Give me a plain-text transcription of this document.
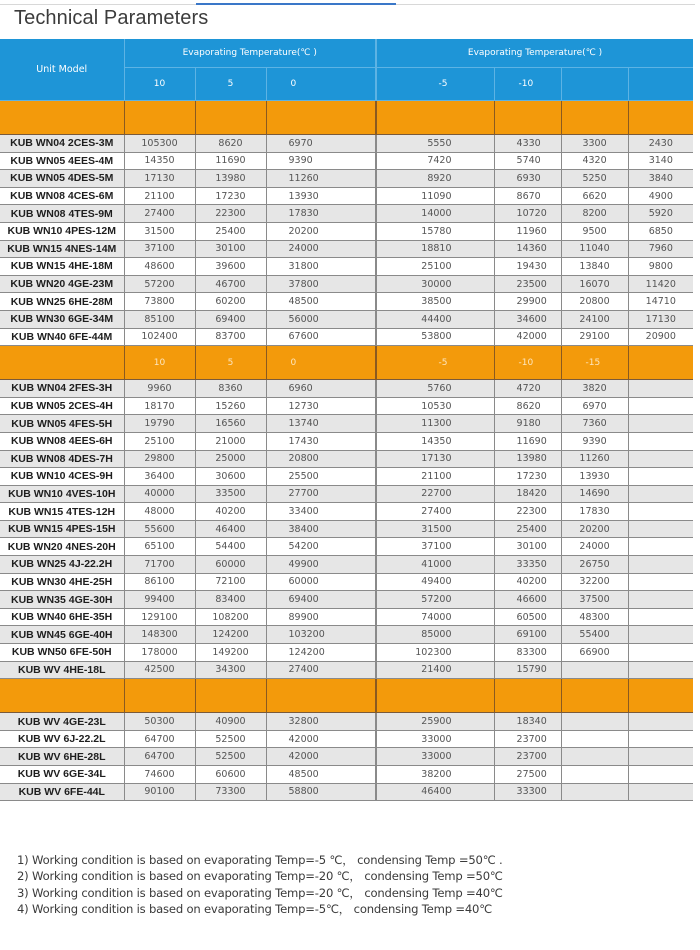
Technical Parameters
Unit Model	Evaporating Temperature(℃ )			Evaporating Temperature(℃ )			
	10	5	0	-5	-10		

KUB WN04 2CES-3M	105300	8620	6970	5550	4330	3300	2430
KUB WN05 4EES-4M	14350	11690	9390	7420	5740	4320	3140
KUB WN05 4DES-5M	17130	13980	11260	8920	6930	5250	3840
KUB WN08 4CES-6M	21100	17230	13930	11090	8670	6620	4900
KUB WN08 4TES-9M	27400	22300	17830	14000	10720	8200	5920
KUB WN10 4PES-12M	31500	25400	20200	15780	11960	9500	6850
KUB WN15 4NES-14M	37100	30100	24000	18810	14360	11040	7960
KUB WN15 4HE-18M	48600	39600	31800	25100	19430	13840	9800
KUB WN20 4GE-23M	57200	46700	37800	30000	23500	16070	11420
KUB WN25 6HE-28M	73800	60200	48500	38500	29900	20800	14710
KUB WN30 6GE-34M	85100	69400	56000	44400	34600	24100	17130
KUB WN40 6FE-44M	102400	83700	67600	53800	42000	29100	20900
	10	5	0	-5	-10	-15	
KUB WN04 2FES-3H	9960	8360	6960	5760	4720	3820	
KUB WN05 2CES-4H	18170	15260	12730	10530	8620	6970	
KUB WN05 4FES-5H	19790	16560	13740	11300	9180	7360	
KUB WN08 4EES-6H	25100	21000	17430	14350	11690	9390	
KUB WN08 4DES-7H	29800	25000	20800	17130	13980	11260	
KUB WN10 4CES-9H	36400	30600	25500	21100	17230	13930	
KUB WN10 4VES-10H	40000	33500	27700	22700	18420	14690	
KUB WN15 4TES-12H	48000	40200	33400	27400	22300	17830	
KUB WN15 4PES-15H	55600	46400	38400	31500	25400	20200	
KUB WN20 4NES-20H	65100	54400	54200	37100	30100	24000	
KUB WN25 4J-22.2H	71700	60000	49900	41000	33350	26750	
KUB WN30 4HE-25H	86100	72100	60000	49400	40200	32200	
KUB WN35 4GE-30H	99400	83400	69400	57200	46600	37500	
KUB WN40 6HE-35H	129100	108200	89900	74000	60500	48300	
KUB WN45 6GE-40H	148300	124200	103200	85000	69100	55400	
KUB WN50 6FE-50H	178000	149200	124200	102300	83300	66900	
KUB WV 4HE-18L	42500	34300	27400	21400	15790		

KUB WV 4GE-23L	50300	40900	32800	25900	18340		
KUB WV 6J-22.2L	64700	52500	42000	33000	23700		
KUB WV 6HE-28L	64700	52500	42000	33000	23700		
KUB WV 6GE-34L	74600	60600	48500	38200	27500		
KUB WV 6FE-44L	90100	73300	58800	46400	33300		
1) Working condition is based on evaporating Temp=-5 ℃， condensing Temp =50℃ .
2) Working condition is based on evaporating Temp=-20 ℃， condensing Temp =50℃
3) Working condition is based on evaporating Temp=-20 ℃， condensing Temp =40℃
4) Working condition is based on evaporating Temp=-5℃， condensing Temp =40℃
